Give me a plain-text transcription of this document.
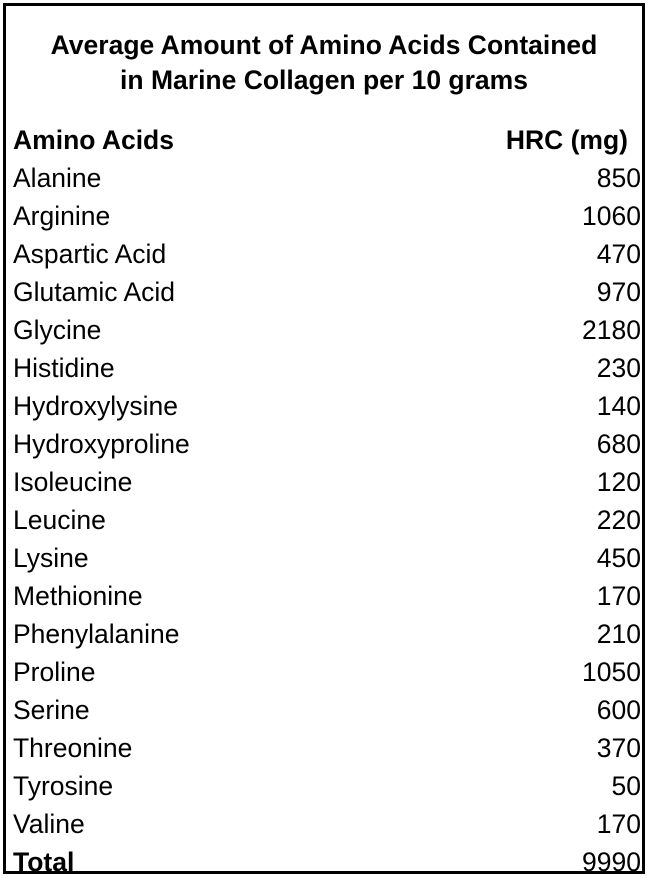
Average Amount of Amino Acids Contained
in Marine Collagen per 10 grams
Amino Acids	HRC (mg)
Alanine	850
Arginine	1060
Aspartic Acid	470
Glutamic Acid	970
Glycine	2180
Histidine	230
Hydroxylysine	140
Hydroxyproline	680
Isoleucine	120
Leucine	220
Lysine	450
Methionine	170
Phenylalanine	210
Proline	1050
Serine	600
Threonine	370
Tyrosine	50
Valine	170
Total	9990
